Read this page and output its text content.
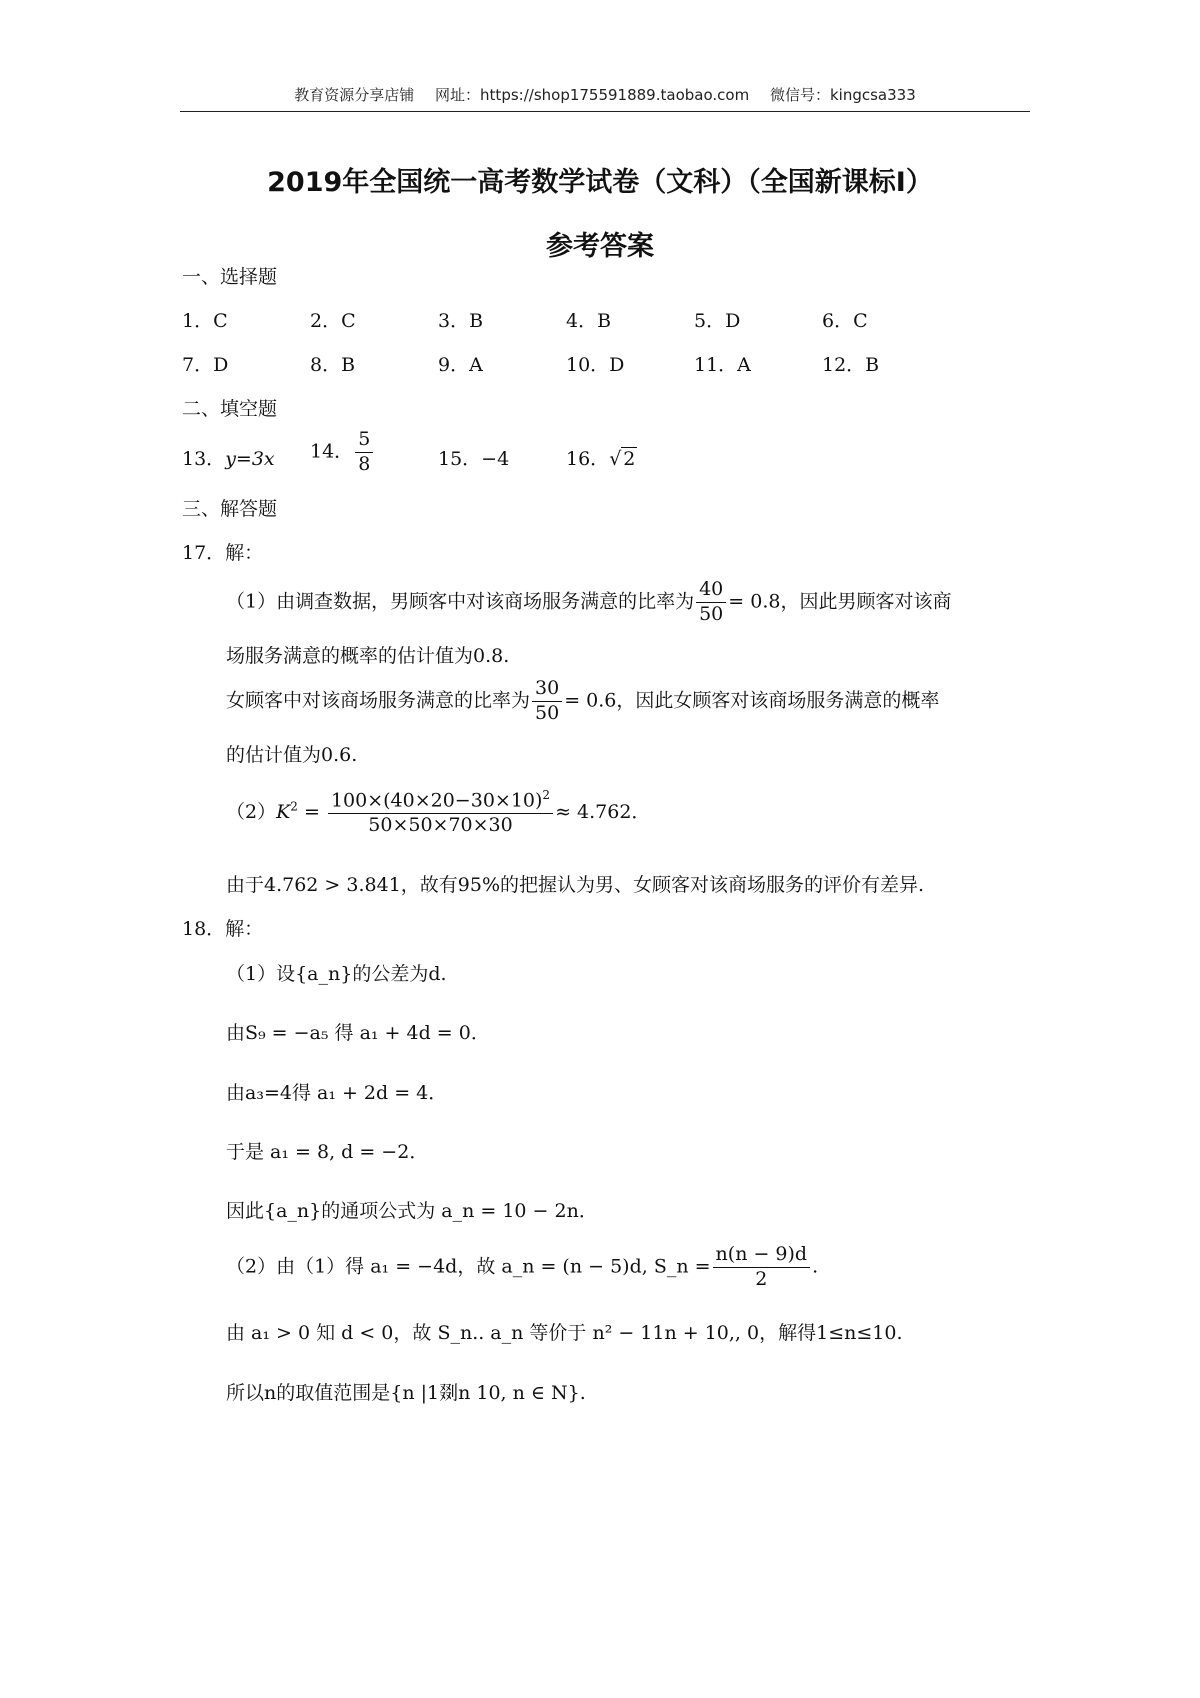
教育资源分享店铺 网址：https://shop175591889.taobao.com 微信号：kingcsa333
2019年全国统一高考数学试卷（文科）（全国新课标Ⅰ）
参考答案
一、选择题
1．C	2．C	3．B	4．B	5．D	6．C
7．D	8．B	9．A	10．D	11．A	12．B
二、填空题
13．y=3x 14． $\frac{5}{8}$	15．−4	16．√ 2
三、解答题
17．解：
（1）由调查数据，男顾客中对该商场服务满意的比率为 $\frac{40}{50} = 0.8$，因此男顾客对该商
场服务满意的概率的估计值为0.8.
女顾客中对该商场服务满意的比率为 $\frac{30}{50} = 0.6$，因此女顾客对该商场服务满意的概率
的估计值为0.6.
$(2)K^2 = \frac{100\times(40\times 20-30\times 10)^2}{50\times 50\times 70\times 30} \approx 4.762$．
由于4.762 > 3.841，故有95%的把握认为男、女顾客对该商场服务的评价有差异.
18．解：
（1）设{a_n}的公差为d.
由S₉ = −a₅ 得 a₁ + 4d = 0．
由a₃=4得 a₁ + 2d = 4．
于是 a₁ = 8, d = −2．
因此{a_n}的通项公式为 a_n = 10 − 2n．
（2）由（1）得 a₁ = −4d，故 a_n = (n − 5)d, S_n = $\frac{n(n - 9)d}{2}$ .
由 a₁ > 0 知 d < 0，故 S_n.. a_n 等价于 n² − 11n + 10,, 0，解得1≤n≤10.
所以n的取值范围是{n |1剟n 10, n ∈ N}.
